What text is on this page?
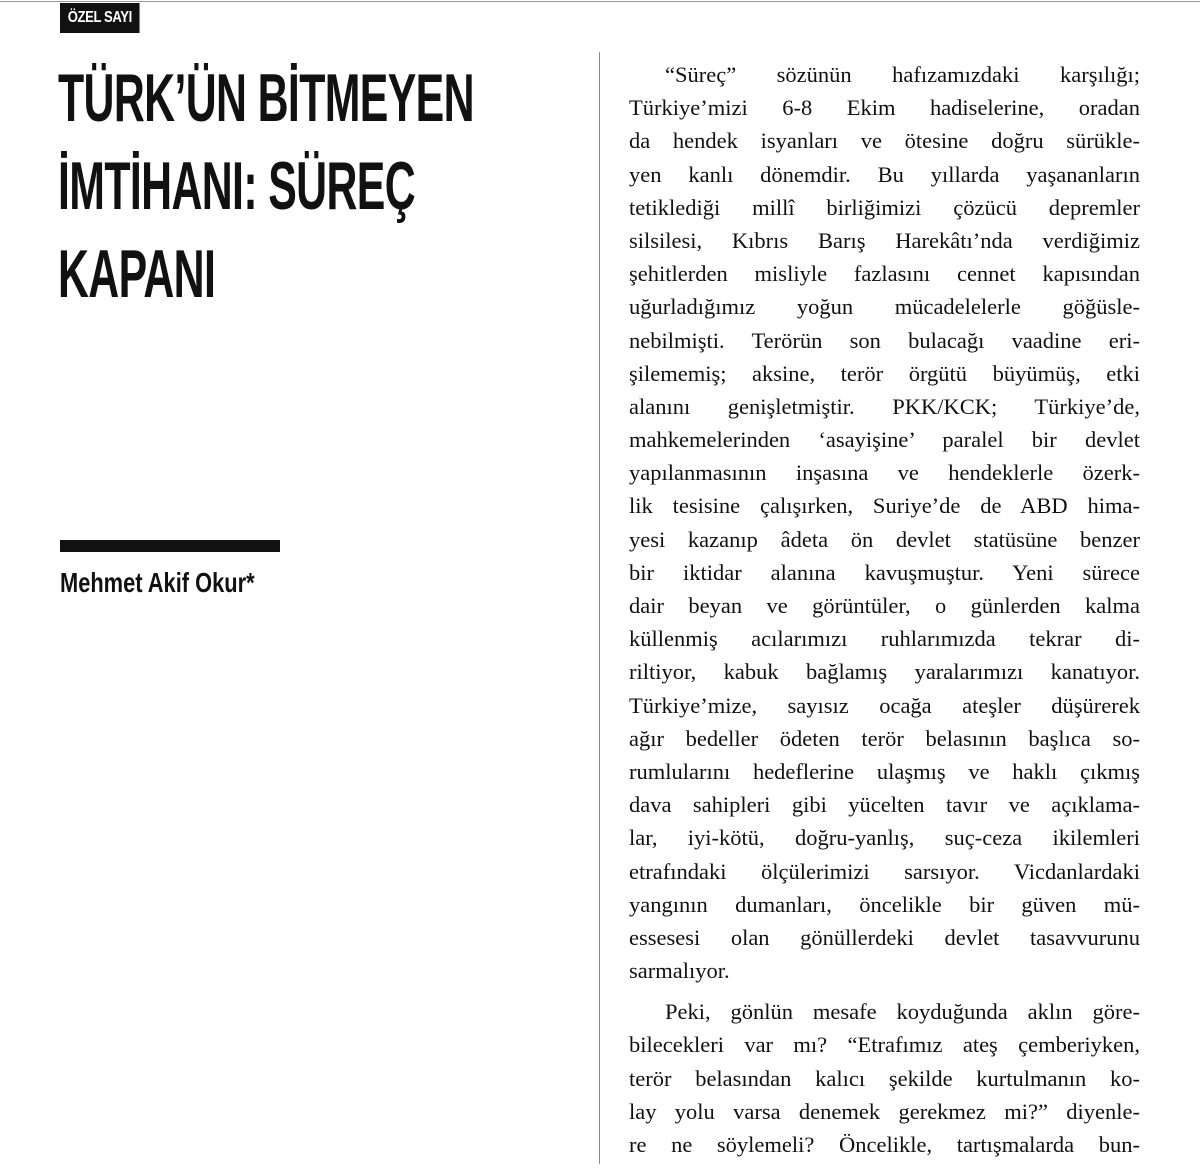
ÖZEL SAYI
TÜRK’ÜN BİTMEYEN
İMTİHANI: SÜREÇ
KAPANI
Mehmet Akif Okur*

“Süreç” sözünün hafızamızdaki karşılığı;
Türkiye’mizi 6-8 Ekim hadiselerine, oradan
da hendek isyanları ve ötesine doğru sürükle-
yen kanlı dönemdir. Bu yıllarda yaşananların
tetiklediği millî birliğimizi çözücü depremler
silsilesi, Kıbrıs Barış Harekâtı’nda verdiğimiz
şehitlerden misliyle fazlasını cennet kapısından
uğurladığımız yoğun mücadelelerle göğüsle-
nebilmişti. Terörün son bulacağı vaadine eri-
şilememiş; aksine, terör örgütü büyümüş, etki
alanını genişletmiştir. PKK/KCK; Türkiye’de,
mahkemelerinden ‘asayişine’ paralel bir devlet
yapılanmasının inşasına ve hendeklerle özerk-
lik tesisine çalışırken, Suriye’de de ABD hima-
yesi kazanıp âdeta ön devlet statüsüne benzer
bir iktidar alanına kavuşmuştur. Yeni sürece
dair beyan ve görüntüler, o günlerden kalma
küllenmiş acılarımızı ruhlarımızda tekrar di-
riltiyor, kabuk bağlamış yaralarımızı kanatıyor.
Türkiye’mize, sayısız ocağa ateşler düşürerek
ağır bedeller ödeten terör belasının başlıca so-
rumlularını hedeflerine ulaşmış ve haklı çıkmış
dava sahipleri gibi yücelten tavır ve açıklama-
lar, iyi-kötü, doğru-yanlış, suç-ceza ikilemleri
etrafındaki ölçülerimizi sarsıyor. Vicdanlardaki
yangının dumanları, öncelikle bir güven mü-
essesesi olan gönüllerdeki devlet tasavvurunu
sarmalıyor.

Peki, gönlün mesafe koyduğunda aklın göre-
bilecekleri var mı? “Etrafımız ateş çemberiyken,
terör belasından kalıcı şekilde kurtulmanın ko-
lay yolu varsa denemek gerekmez mi?” diyenle-
re ne söylemeli? Öncelikle, tartışmalarda bun-
